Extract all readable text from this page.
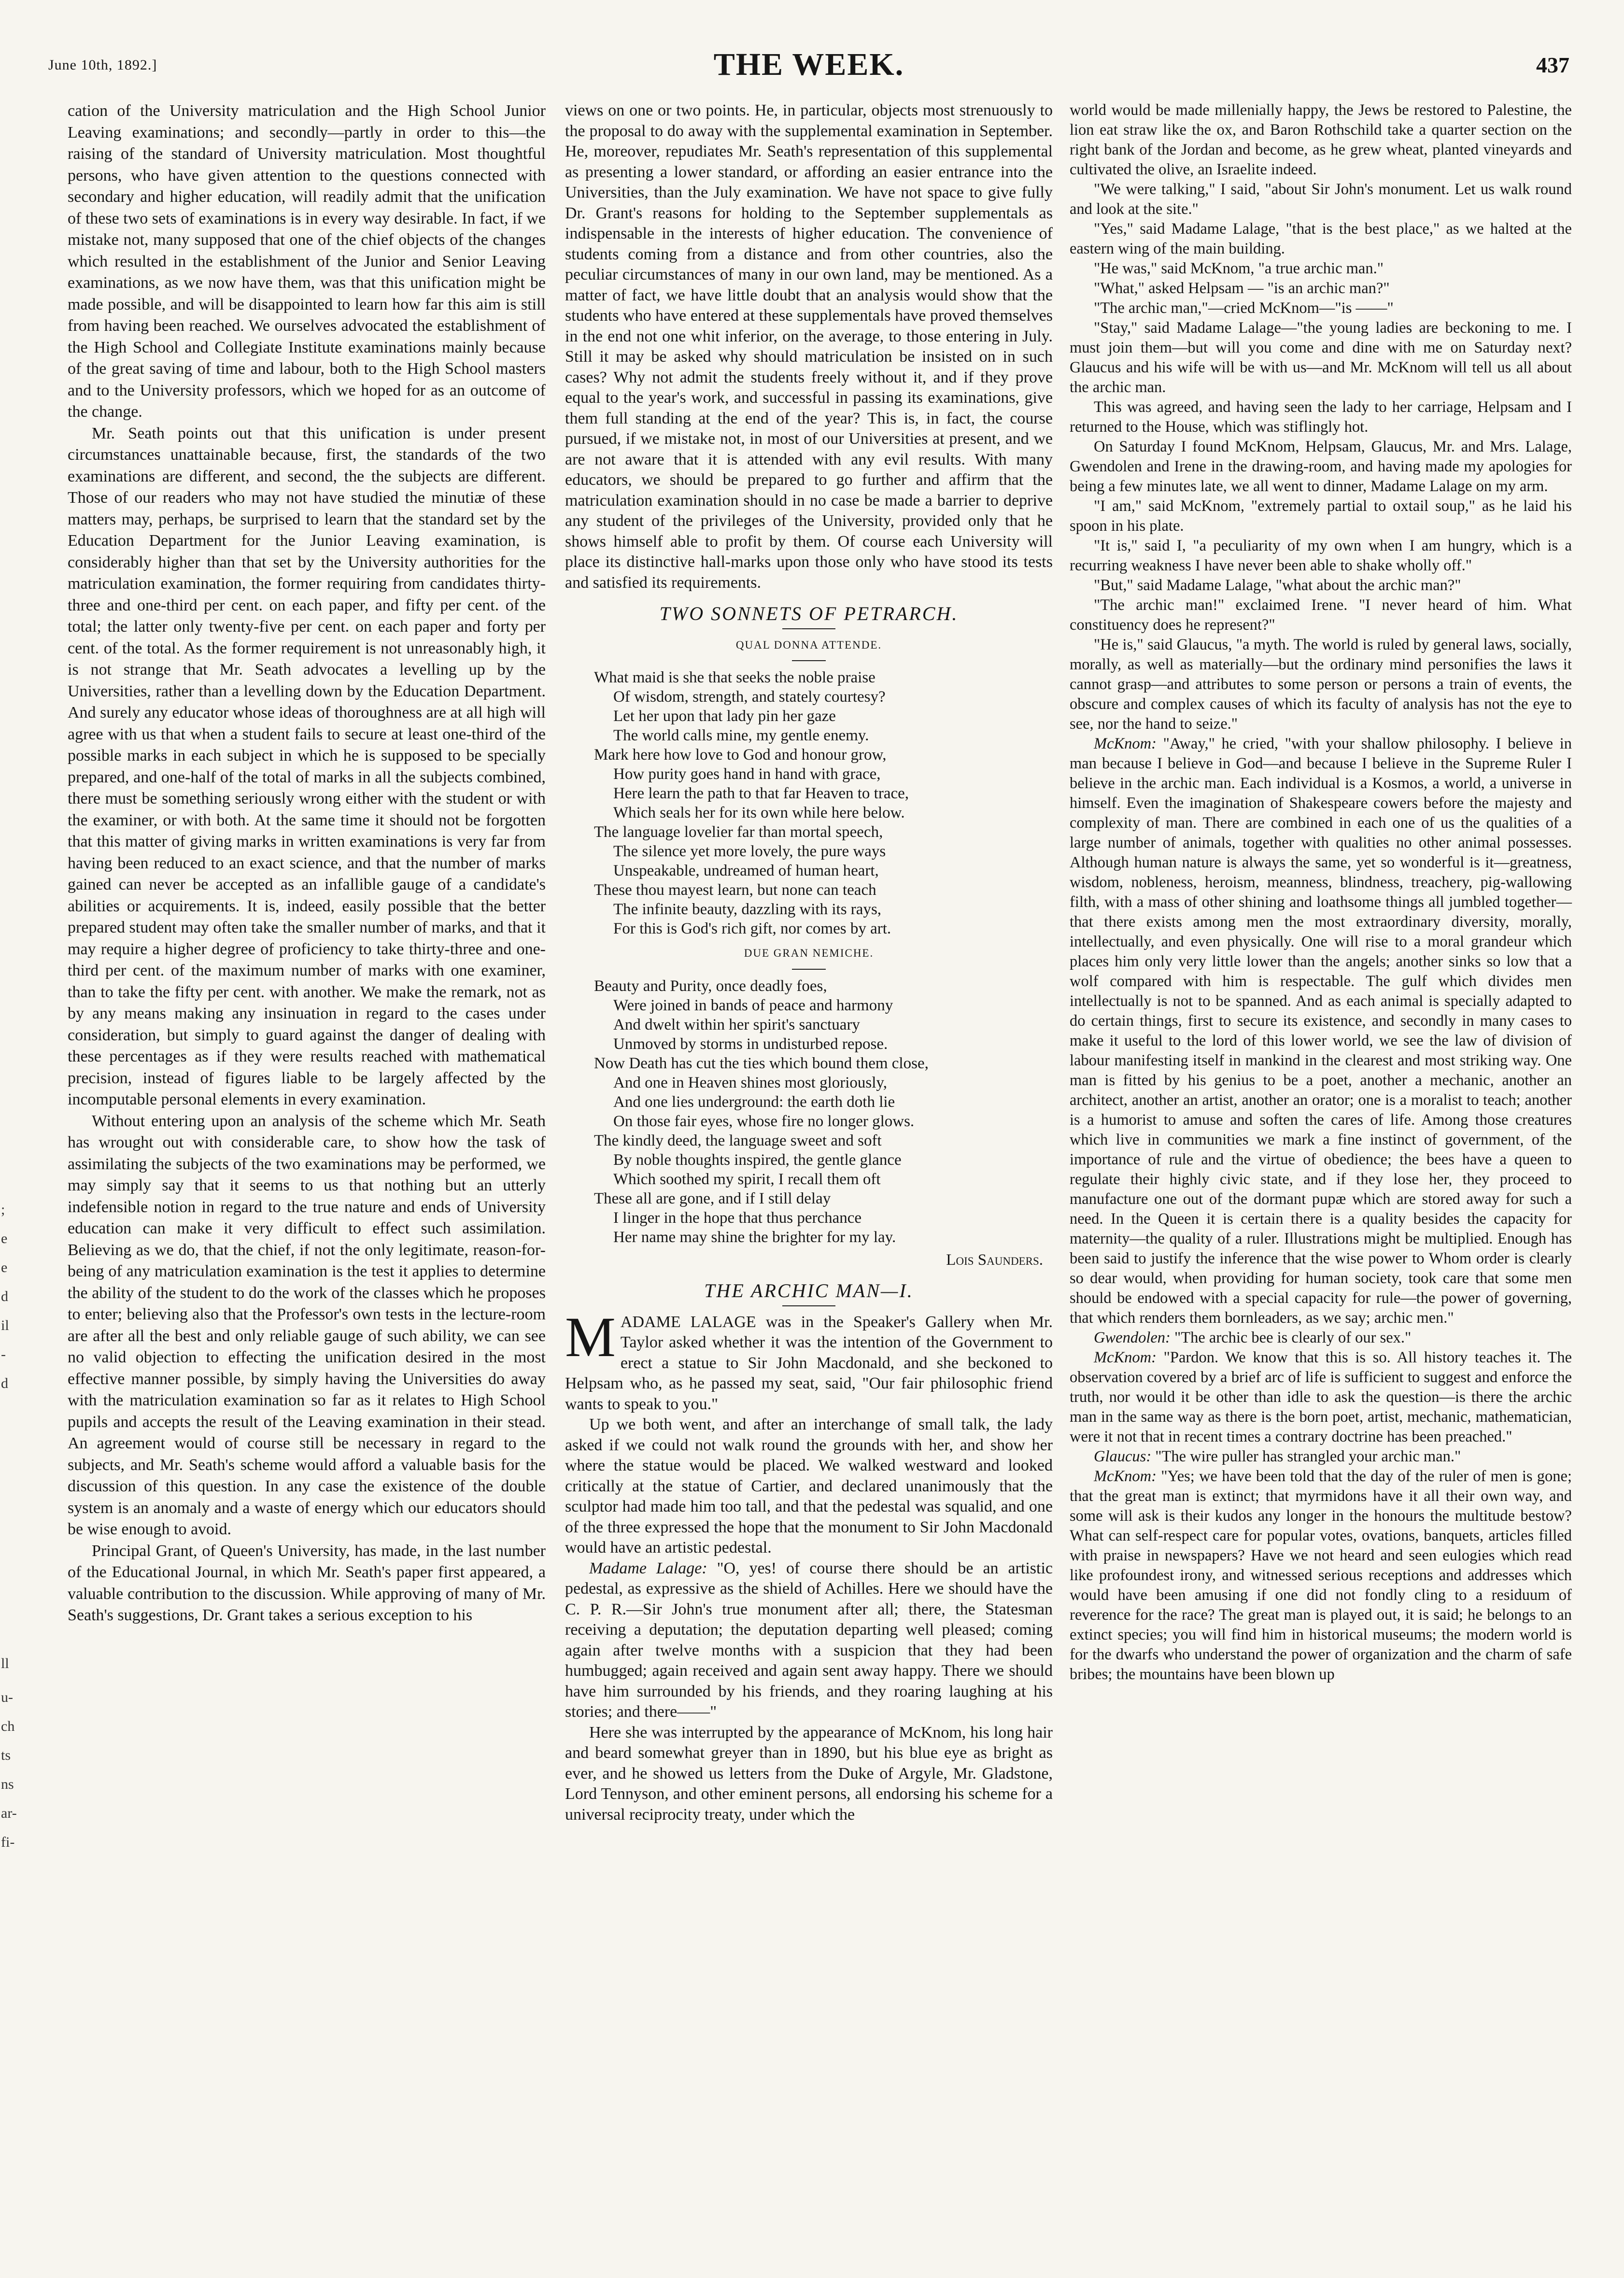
June 10th, 1892.]	THE WEEK.	437
ll
u-
ch
ts
ns
ar-
fi-
;
e
e
d
il
-
d

cation of the University matriculation and the High School Junior Leaving examinations; and secondly—partly in order to this—the raising of the standard of University matriculation. Most thoughtful persons, who have given attention to the questions connected with secondary and higher education, will readily admit that the unification of these two sets of examinations is in every way desirable. In fact, if we mistake not, many supposed that one of the chief objects of the changes which resulted in the establishment of the Junior and Senior Leaving examinations, as we now have them, was that this unification might be made possible, and will be disappointed to learn how far this aim is still from having been reached. We ourselves advocated the establishment of the High School and Collegiate Institute examinations mainly because of the great saving of time and labour, both to the High School masters and to the University professors, which we hoped for as an outcome of the change.

Mr. Seath points out that this unification is under present circumstances unattainable because, first, the standards of the two examinations are different, and second, the the subjects are different. Those of our readers who may not have studied the minutiæ of these matters may, perhaps, be surprised to learn that the standard set by the Education Department for the Junior Leaving examination, is considerably higher than that set by the University authorities for the matriculation examination, the former requiring from candidates thirty-three and one-third per cent. on each paper, and fifty per cent. of the total; the latter only twenty-five per cent. on each paper and forty per cent. of the total. As the former requirement is not unreasonably high, it is not strange that Mr. Seath advocates a levelling up by the Universities, rather than a levelling down by the Education Department. And surely any educator whose ideas of thoroughness are at all high will agree with us that when a student fails to secure at least one-third of the possible marks in each subject in which he is supposed to be specially prepared, and one-half of the total of marks in all the subjects combined, there must be something seriously wrong either with the student or with the examiner, or with both. At the same time it should not be forgotten that this matter of giving marks in written examinations is very far from having been reduced to an exact science, and that the number of marks gained can never be accepted as an infallible gauge of a candidate's abilities or acquirements. It is, indeed, easily possible that the better prepared student may often take the smaller number of marks, and that it may require a higher degree of proficiency to take thirty-three and one-third per cent. of the maximum number of marks with one examiner, than to take the fifty per cent. with another. We make the remark, not as by any means making any insinuation in regard to the cases under consideration, but simply to guard against the danger of dealing with these percentages as if they were results reached with mathematical precision, instead of figures liable to be largely affected by the incomputable personal elements in every examination.

Without entering upon an analysis of the scheme which Mr. Seath has wrought out with considerable care, to show how the task of assimilating the subjects of the two examinations may be performed, we may simply say that it seems to us that nothing but an utterly indefensible notion in regard to the true nature and ends of University education can make it very difficult to effect such assimilation. Believing as we do, that the chief, if not the only legitimate, reason-for-being of any matriculation examination is the test it applies to determine the ability of the student to do the work of the classes which he proposes to enter; believing also that the Professor's own tests in the lecture-room are after all the best and only reliable gauge of such ability, we can see no valid objection to effecting the unification desired in the most effective manner possible, by simply having the Universities do away with the matriculation examination so far as it relates to High School pupils and accepts the result of the Leaving examination in their stead. An agreement would of course still be necessary in regard to the subjects, and Mr. Seath's scheme would afford a valuable basis for the discussion of this question. In any case the existence of the double system is an anomaly and a waste of energy which our educators should be wise enough to avoid.

Principal Grant, of Queen's University, has made, in the last number of the Educational Journal, in which Mr. Seath's paper first appeared, a valuable contribution to the discussion. While approving of many of Mr. Seath's suggestions, Dr. Grant takes a serious exception to his

views on one or two points. He, in particular, objects most strenuously to the proposal to do away with the supplemental examination in September. He, moreover, repudiates Mr. Seath's representation of this supplemental as presenting a lower standard, or affording an easier entrance into the Universities, than the July examination. We have not space to give fully Dr. Grant's reasons for holding to the September supplementals as indispensable in the interests of higher education. The convenience of students coming from a distance and from other countries, also the peculiar circumstances of many in our own land, may be mentioned. As a matter of fact, we have little doubt that an analysis would show that the students who have entered at these supplementals have proved themselves in the end not one whit inferior, on the average, to those entering in July. Still it may be asked why should matriculation be insisted on in such cases? Why not admit the students freely without it, and if they prove equal to the year's work, and successful in passing its examinations, give them full standing at the end of the year? This is, in fact, the course pursued, if we mistake not, in most of our Universities at present, and we are not aware that it is attended with any evil results. With many educators, we should be prepared to go further and affirm that the matriculation examination should in no case be made a barrier to deprive any student of the privileges of the University, provided only that he shows himself able to profit by them. Of course each University will place its distinctive hall-marks upon those only who have stood its tests and satisfied its requirements.

TWO SONNETS OF PETRARCH.
QUAL DONNA ATTENDE.
What maid is she that seeks the noble praise
Of wisdom, strength, and stately courtesy?
Let her upon that lady pin her gaze
The world calls mine, my gentle enemy.
Mark here how love to God and honour grow,
How purity goes hand in hand with grace,
Here learn the path to that far Heaven to trace,
Which seals her for its own while here below.
The language lovelier far than mortal speech,
The silence yet more lovely, the pure ways
Unspeakable, undreamed of human heart,
These thou mayest learn, but none can teach
The infinite beauty, dazzling with its rays,
For this is God's rich gift, nor comes by art.
DUE GRAN NEMICHE.
Beauty and Purity, once deadly foes,
Were joined in bands of peace and harmony
And dwelt within her spirit's sanctuary
Unmoved by storms in undisturbed repose.
Now Death has cut the ties which bound them close,
And one in Heaven shines most gloriously,
And one lies underground: the earth doth lie
On those fair eyes, whose fire no longer glows.
The kindly deed, the language sweet and soft
By noble thoughts inspired, the gentle glance
Which soothed my spirit, I recall them oft
These all are gone, and if I still delay
I linger in the hope that thus perchance
Her name may shine the brighter for my lay.
Lois Saunders.
THE ARCHIC MAN—I.

MADAME LALAGE was in the Speaker's Gallery when Mr. Taylor asked whether it was the intention of the Government to erect a statue to Sir John Macdonald, and she beckoned to Helpsam who, as he passed my seat, said, "Our fair philosophic friend wants to speak to you."

Up we both went, and after an interchange of small talk, the lady asked if we could not walk round the grounds with her, and show her where the statue would be placed. We walked westward and looked critically at the statue of Cartier, and declared unanimously that the sculptor had made him too tall, and that the pedestal was squalid, and one of the three expressed the hope that the monument to Sir John Macdonald would have an artistic pedestal.

Madame Lalage: "O, yes! of course there should be an artistic pedestal, as expressive as the shield of Achilles. Here we should have the C. P. R.—Sir John's true monument after all; there, the Statesman receiving a deputation; the deputation departing well pleased; coming again after twelve months with a suspicion that they had been humbugged; again received and again sent away happy. There we should have him surrounded by his friends, and they roaring laughing at his stories; and there——"

Here she was interrupted by the appearance of McKnom, his long hair and beard somewhat greyer than in 1890, but his blue eye as bright as ever, and he showed us letters from the Duke of Argyle, Mr. Gladstone, Lord Tennyson, and other eminent persons, all endorsing his scheme for a universal reciprocity treaty, under which the

world would be made millenially happy, the Jews be restored to Palestine, the lion eat straw like the ox, and Baron Rothschild take a quarter section on the right bank of the Jordan and become, as he grew wheat, planted vineyards and cultivated the olive, an Israelite indeed.

"We were talking," I said, "about Sir John's monument. Let us walk round and look at the site."

"Yes," said Madame Lalage, "that is the best place," as we halted at the eastern wing of the main building.

"He was," said McKnom, "a true archic man."

"What," asked Helpsam — "is an archic man?"

"The archic man,"—cried McKnom—"is ——"

"Stay," said Madame Lalage—"the young ladies are beckoning to me. I must join them—but will you come and dine with me on Saturday next? Glaucus and his wife will be with us—and Mr. McKnom will tell us all about the archic man.

This was agreed, and having seen the lady to her carriage, Helpsam and I returned to the House, which was stiflingly hot.

On Saturday I found McKnom, Helpsam, Glaucus, Mr. and Mrs. Lalage, Gwendolen and Irene in the drawing-room, and having made my apologies for being a few minutes late, we all went to dinner, Madame Lalage on my arm.

"I am," said McKnom, "extremely partial to oxtail soup," as he laid his spoon in his plate.

"It is," said I, "a peculiarity of my own when I am hungry, which is a recurring weakness I have never been able to shake wholly off."

"But," said Madame Lalage, "what about the archic man?"

"The archic man!" exclaimed Irene. "I never heard of him. What constituency does he represent?"

"He is," said Glaucus, "a myth. The world is ruled by general laws, socially, morally, as well as materially—but the ordinary mind personifies the laws it cannot grasp—and attributes to some person or persons a train of events, the obscure and complex causes of which its faculty of analysis has not the eye to see, nor the hand to seize."

McKnom: "Away," he cried, "with your shallow philosophy. I believe in man because I believe in God—and because I believe in the Supreme Ruler I believe in the archic man. Each individual is a Kosmos, a world, a universe in himself. Even the imagination of Shakespeare cowers before the majesty and complexity of man. There are combined in each one of us the qualities of a large number of animals, together with qualities no other animal possesses. Although human nature is always the same, yet so wonderful is it—greatness, wisdom, nobleness, heroism, meanness, blindness, treachery, pig-wallowing filth, with a mass of other shining and loathsome things all jumbled together—that there exists among men the most extraordinary diversity, morally, intellectually, and even physically. One will rise to a moral grandeur which places him only very little lower than the angels; another sinks so low that a wolf compared with him is respectable. The gulf which divides men intellectually is not to be spanned. And as each animal is specially adapted to do certain things, first to secure its existence, and secondly in many cases to make it useful to the lord of this lower world, we see the law of division of labour manifesting itself in mankind in the clearest and most striking way. One man is fitted by his genius to be a poet, another a mechanic, another an architect, another an artist, another an orator; one is a moralist to teach; another is a humorist to amuse and soften the cares of life. Among those creatures which live in communities we mark a fine instinct of government, of the importance of rule and the virtue of obedience; the bees have a queen to regulate their highly civic state, and if they lose her, they proceed to manufacture one out of the dormant pupæ which are stored away for such a need. In the Queen it is certain there is a quality besides the capacity for maternity—the quality of a ruler. Illustrations might be multiplied. Enough has been said to justify the inference that the wise power to Whom order is clearly so dear would, when providing for human society, took care that some men should be endowed with a special capacity for rule—the power of governing, that which renders them bornleaders, as we say; archic men."

Gwendolen: "The archic bee is clearly of our sex."

McKnom: "Pardon. We know that this is so. All history teaches it. The observation covered by a brief arc of life is sufficient to suggest and enforce the truth, nor would it be other than idle to ask the question—is there the archic man in the same way as there is the born poet, artist, mechanic, mathematician, were it not that in recent times a contrary doctrine has been preached."

Glaucus: "The wire puller has strangled your archic man."

McKnom: "Yes; we have been told that the day of the ruler of men is gone; that the great man is extinct; that myrmidons have it all their own way, and some will ask is their kudos any longer in the honours the multitude bestow? What can self-respect care for popular votes, ovations, banquets, articles filled with praise in newspapers? Have we not heard and seen eulogies which read like profoundest irony, and witnessed serious receptions and addresses which would have been amusing if one did not fondly cling to a residuum of reverence for the race? The great man is played out, it is said; he belongs to an extinct species; you will find him in historical museums; the modern world is for the dwarfs who understand the power of organization and the charm of safe bribes; the mountains have been blown up
